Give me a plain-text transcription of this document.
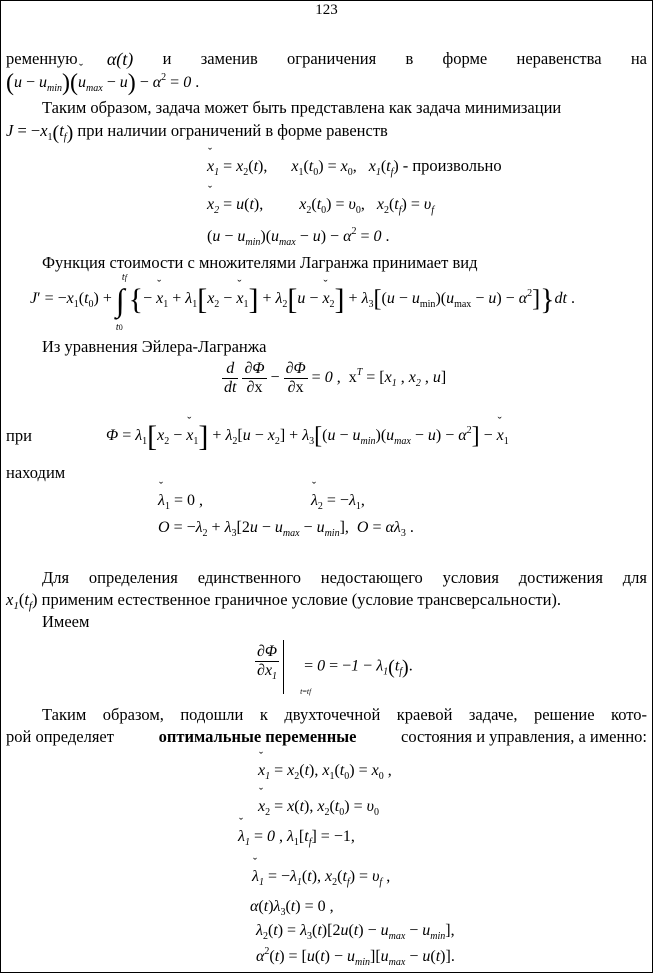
123
ременную α(t) и заменив ограничения в форме неравенства на
$(u - u_{min})(ˇ$ $u_{max} - u) - \alpha^2 = 0$ .
Таким образом, задача может быть представлена как задача минимизации
$J = -x_1(t_f)$ при наличии ограничений в форме равенств
ˇ $x_1 = x_2(t)$,      $x_1(t_0) = x_0$,   $x_1(t_f)$ - произвольно
ˇ $x_2 = u(t)$,         $x_2(t_0) = \upsilon_0$,   $x_2(t_f) = \upsilon_f$
$(u - u_{min})(u_{max} - u) - \alpha^2 = 0$ .
Функция стоимости с множителями Лагранжа принимает вид
$J' = -x_1(t_0)$ +
tf
∫
t0
{− ˇ $x_1 + \lambda_1[x_2$ − ˇ $x_1] + \lambda_2[u$ − ˇ $x_2] + \lambda_3[(u - u_{min})(u_{max} - u) - \alpha^2]\}dt$ .
Из уравнения Эйлера-Лагранжа
$\frac{d}{dt}$
$\frac{\partial\Phi}{\text{∂ˇ x}} - \frac{\partial\Phi}{\partial x} = 0$ ,  $x^T = [x_1$ , $x_2$ , u]
при	$\Phi = \lambda_1[x_2$ − ˇ $x_1] + \lambda_2[u - x_2] + \lambda_3[(u - u_{min})(u_{max} - u) - \alpha^2]$ − ˇ $x_1$
находим
ˇ $\lambda_1 = 0$ ,  ˇ	$\lambda_2 = -\lambda_1$,
$O = -\lambda_2 + \lambda_3[2u - u_{max} - u_{min}]$,  $O = \alpha\lambda_3$ .
Для определения единственного недостающего условия достижения для
$x_1(t_f)$ применим естественное граничное условие (условие трансверсальности).
Имеем
$\frac{\partial\Phi}{\partial ˇ x_1}$
t=tf
= $0 = -1 - \lambda_1(t_f)$.
Таким образом, подошли к двухточечной краевой задаче, решение кото-
рой определяет	оптимальные переменные	состояния и управления, а именно:
ˇ $x_1 = x_2(t)$, $x_1(t_0) = x_0$ ,
ˇ $x_2 = x(t)$, $x_2(t_0) = \upsilon_0$
ˇ $\lambda_1 = 0$ , $\lambda_1[t_f] = -1$,
ˇ $\lambda_1 = -\lambda_1(t)$, $x_2(t_f) = \upsilon_f$ ,
$\alpha(t)\lambda_3(t) = 0$ ,
$\lambda_2(t) = \lambda_3(t)[2u(t) - u_{max} - u_{min}]$,
$\alpha^2(t) = [u(t) - u_{min}][u_{max} - u(t)]$.
